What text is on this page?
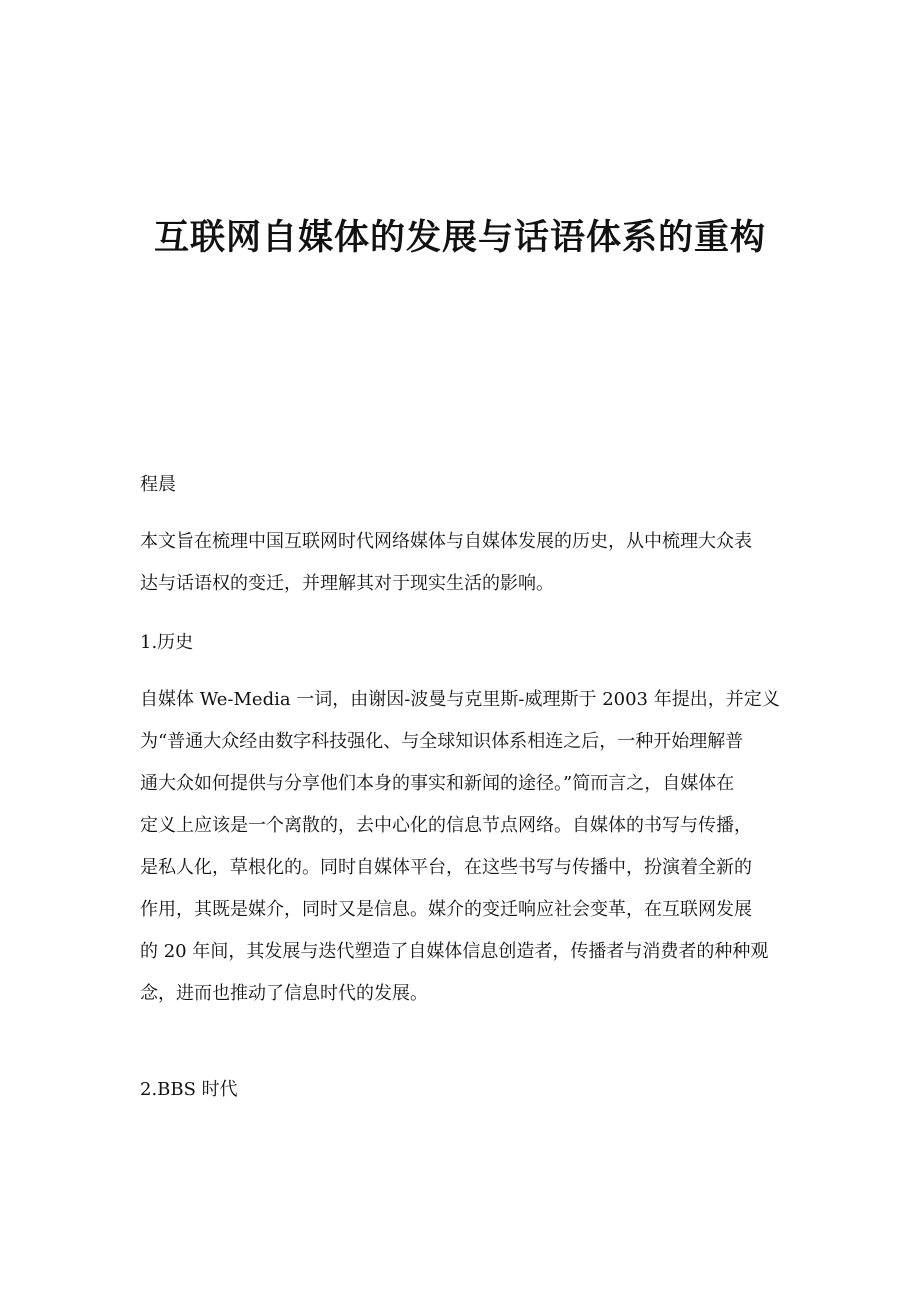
互联网自媒体的发展与话语体系的重构

程晨

本文旨在梳理中国互联网时代网络媒体与自媒体发展的历史，从中梳理大众表
达与话语权的变迁，并理解其对于现实生活的影响。

1.历史

自媒体 We-Media 一词，由谢因-波曼与克里斯-威理斯于 2003 年提出，并定义
为“普通大众经由数字科技强化、与全球知识体系相连之后，一种开始理解普
通大众如何提供与分享他们本身的事实和新闻的途径。”简而言之，自媒体在
定义上应该是一个离散的，去中心化的信息节点网络。自媒体的书写与传播，
是私人化，草根化的。同时自媒体平台，在这些书写与传播中，扮演着全新的
作用，其既是媒介，同时又是信息。媒介的变迁响应社会变革，在互联网发展
的 20 年间，其发展与迭代塑造了自媒体信息创造者，传播者与消费者的种种观
念，进而也推动了信息时代的发展。

2.BBS 时代
